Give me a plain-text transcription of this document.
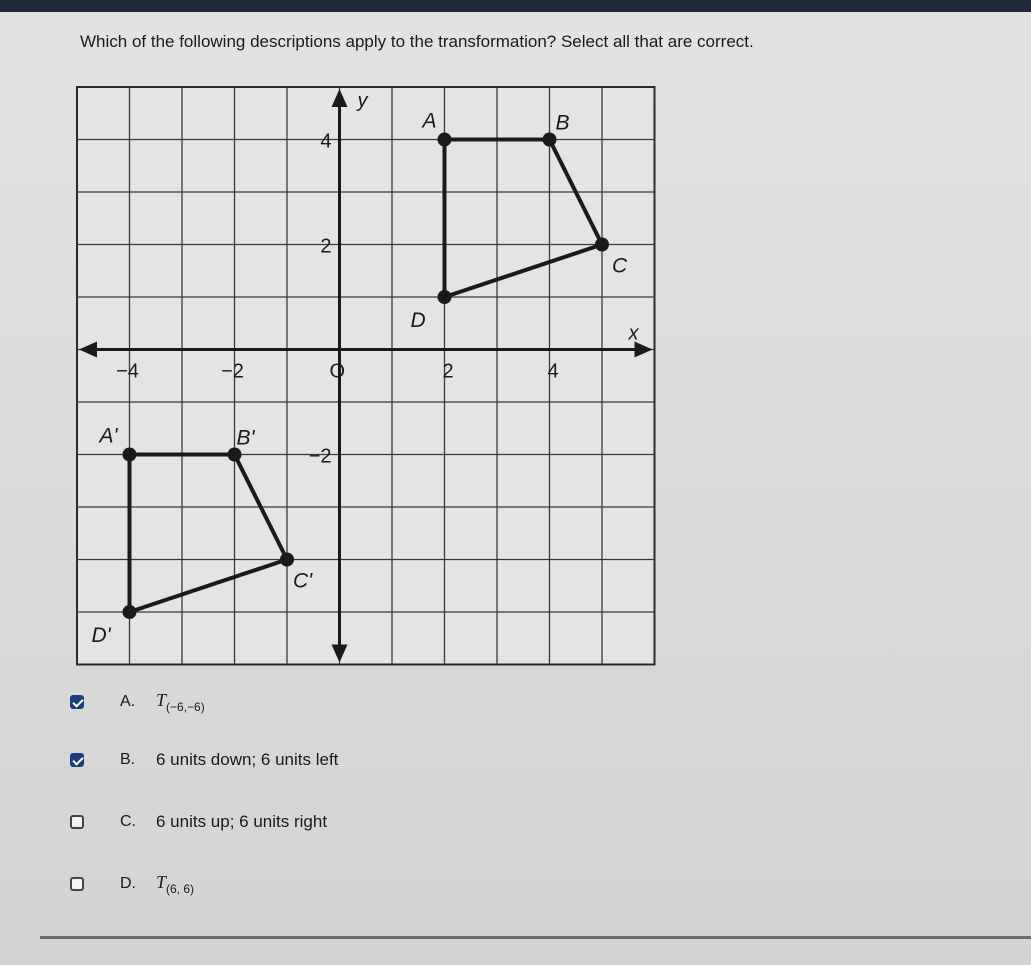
Which of the following descriptions apply to the transformation? Select all that are correct.
x
y
−4	−2	O	2	4
4
2
−2
A	B
C
D
A'	B'
C'
D'
A.	$T_{(-6,-6)}$
B.	6 units down; 6 units left
C.	6 units up; 6 units right
D.	$T_{(6, 6)}$
